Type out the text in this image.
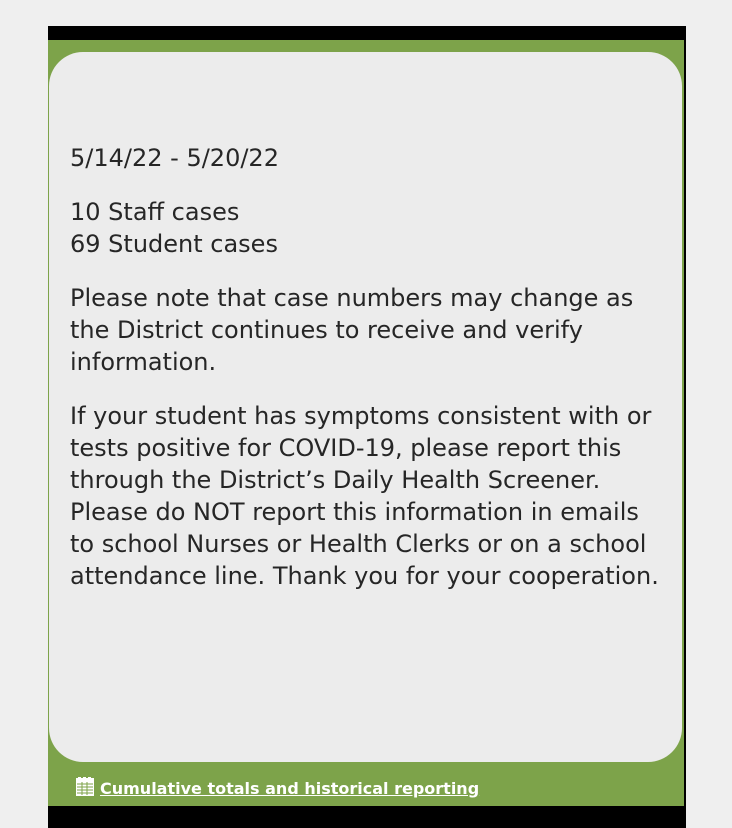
5/14/22 - 5/20/22

10 Staff cases

69 Student cases

Please note that case numbers may change as the District continues to receive and verify information.

If your student has symptoms consistent with or tests positive for COVID-19, please report this through the District’s Daily Health Screener. Please do NOT report this information in emails to school Nurses or Health Clerks or on a school attendance line. Thank you for your cooperation.

Cumulative totals and historical reporting
